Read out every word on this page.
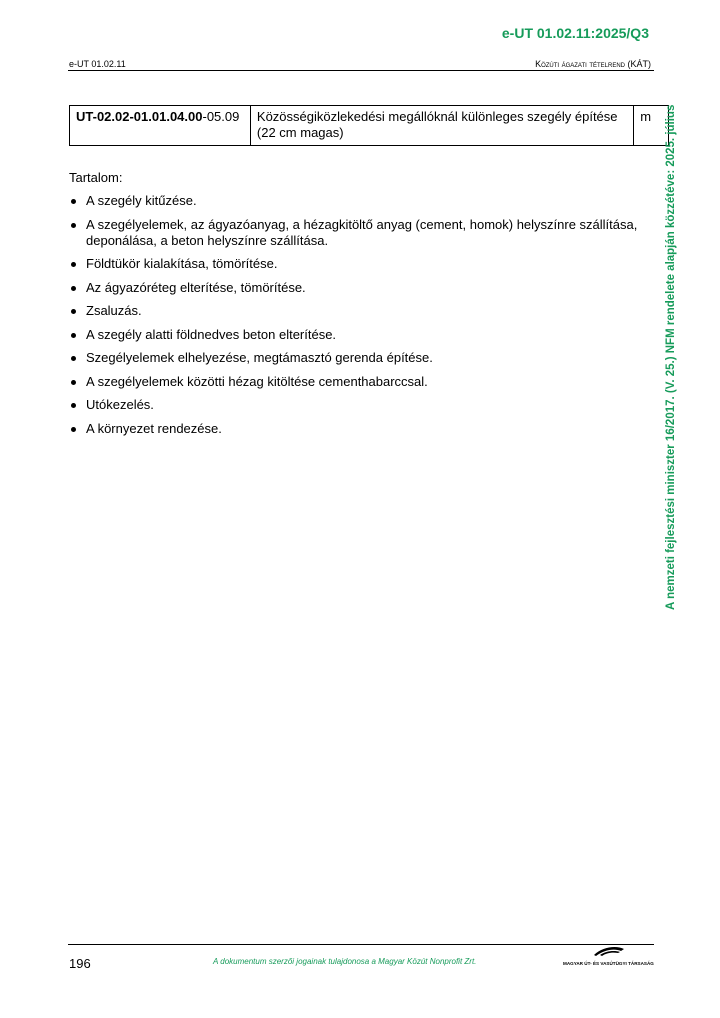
e-UT 01.02.11:2025/Q3
e-UT 01.02.11	Közúti ágazati tételrend (KÁT)
UT-02.02-01.01.04.00-05.09	Közösségiközlekedési megállóknál különleges szegély építése (22 cm magas)	m
Tartalom:
A szegély kitűzése.
A szegélyelemek, az ágyazóanyag, a hézagkitöltő anyag (cement, homok) helyszínre szállítása, deponálása, a beton helyszínre szállítása.
Földtükör kialakítása, tömörítése.
Az ágyazóréteg elterítése, tömörítése.
Zsaluzás.
A szegély alatti földnedves beton elterítése.
Szegélyelemek elhelyezése, megtámasztó gerenda építése.
A szegélyelemek közötti hézag kitöltése cementhabarccsal.
Utókezelés.
A környezet rendezése.	A nemzeti fejlesztési miniszter 16/2017. (V. 25.) NFM rendelete alapján közzétéve: 2025. július
196	A dokumentum szerzői jogainak tulajdonosa a Magyar Közút Nonprofit Zrt.	MAGYAR ÚT- ÉS VASÚTÜGYI TÁRSASÁG
